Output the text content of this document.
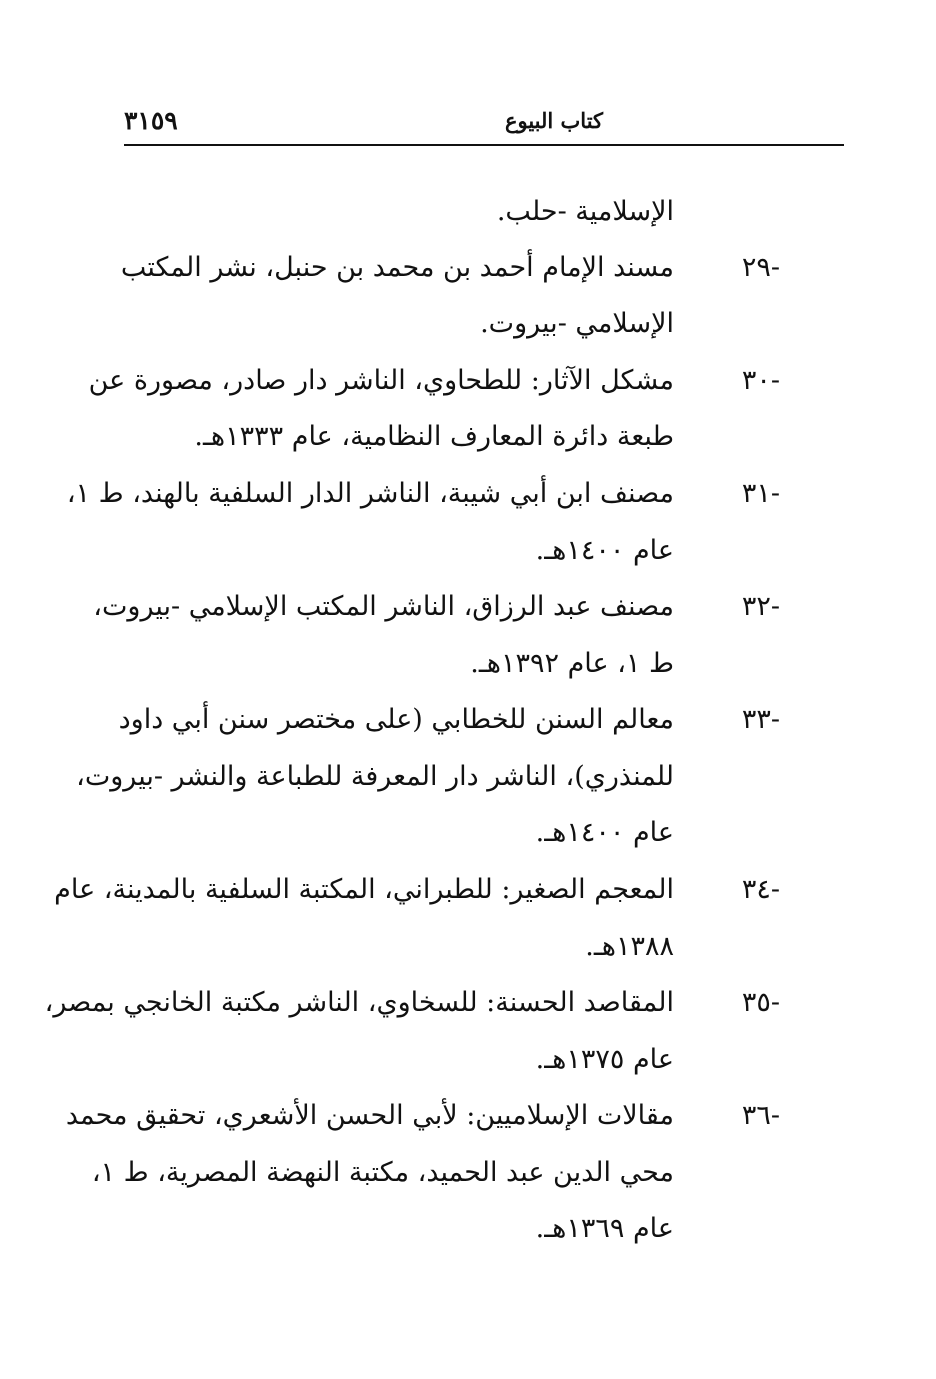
٣١٥٩	كتاب البيوع
الإسلامية -حلب.
-٢٩
مسند الإمام أحمد بن محمد بن حنبل، نشر المكتب
الإسلامي -بيروت.
-٣٠
مشكل الآثار: للطحاوي، الناشر دار صادر، مصورة عن
طبعة دائرة المعارف النظامية، عام ١٣٣٣هـ.
-٣١
مصنف ابن أبي شيبة، الناشر الدار السلفية بالهند، ط ١،
عام ١٤٠٠هـ.
-٣٢
مصنف عبد الرزاق، الناشر المكتب الإسلامي -بيروت،
ط ١، عام ١٣٩٢هـ.
-٣٣
معالم السنن للخطابي (على مختصر سنن أبي داود
للمنذري)، الناشر دار المعرفة للطباعة والنشر -بيروت،
عام ١٤٠٠هـ.
-٣٤
المعجم الصغير: للطبراني، المكتبة السلفية بالمدينة، عام
١٣٨٨هـ.
-٣٥
المقاصد الحسنة: للسخاوي، الناشر مكتبة الخانجي بمصر،
عام ١٣٧٥هـ.
-٣٦
مقالات الإسلاميين: لأبي الحسن الأشعري، تحقيق محمد
محي الدين عبد الحميد، مكتبة النهضة المصرية، ط ١،
عام ١٣٦٩هـ.
